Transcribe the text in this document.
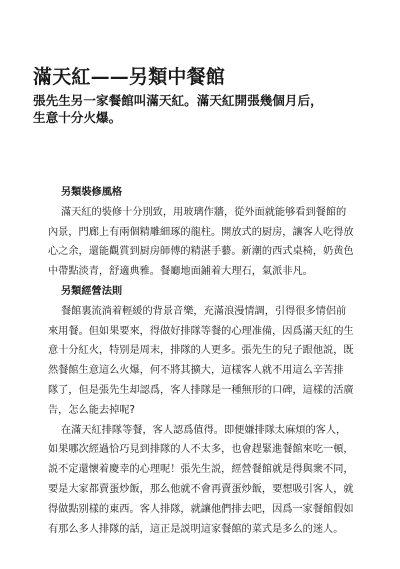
滿天紅——另類中餐館
張先生另一家餐館叫滿天紅。滿天紅開張幾個月后，
生意十分火爆。

另類裝修風格

滿天紅的裝修十分別致，用玻璃作牆，從外面就能够看到餐館的
內景，門廊上有兩個精雕細琢的龍柱。開放式的厨房，讓客人吃得放
心之余，還能觀賞到厨房師傅的精湛手藝。新潮的西式桌椅，奶黄色
中帶點淡青，舒適典雅。餐廳地面鋪着大理石，氣派非凡。

另類經營法則

餐館裏流淌着輕緩的背景音樂，充滿浪漫情調，引得很多情侶前
來用餐。但如果要來，得做好排隊等餐的心理准備，因爲滿天紅的生
意十分紅火，特别是周末，排隊的人更多。張先生的兒子跟他説，既
然餐館生意這么火爆，何不將其擴大，這樣客人就不用這么辛苦排
隊了，但是張先生却認爲，客人排隊是一種無形的口碑，這樣的活廣
告，怎么能去掉呢?
在滿天紅排隊等餐，客人認爲值得。即便嫌排隊太麻煩的客人，
如果哪次經過恰巧見到排隊的人不太多，也會趕緊進餐館來吃一頓，
説不定還懷着慶幸的心理呢！張先生説，經營餐館就是得與衆不同，
要是大家都賣蛋炒飯，那么他就不會再賣蛋炒飯，要想吸引客人，就
得做點别樣的東西。客人排隊，就讓他們排去吧，因爲一家餐館假如
有那么多人排隊的話，這正是説明這家餐館的菜式是多么的迷人。
